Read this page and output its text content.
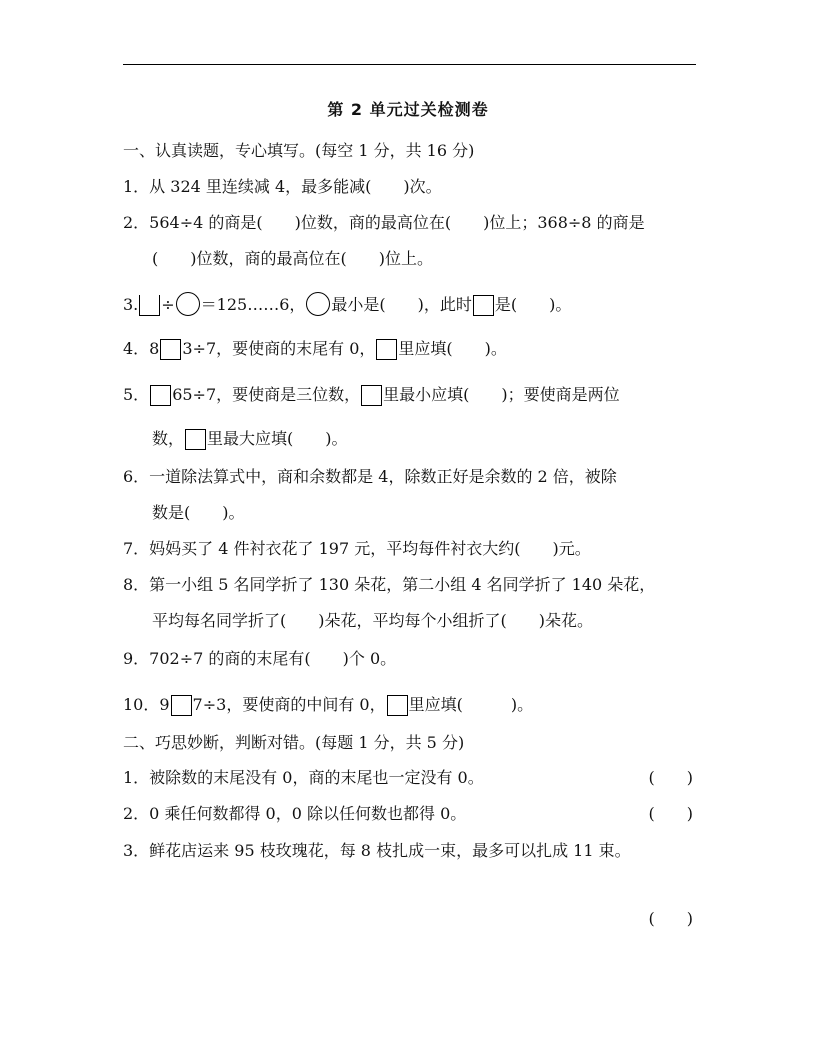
第 2 单元过关检测卷
一、认真读题，专心填写。(每空 1 分，共 16 分)
1．从 324 里连续减 4，最多能减(　　)次。
2．564÷4 的商是(　　)位数，商的最高位在(　　)位上；368÷8 的商是
(　　)位数，商的最高位在(　　)位上。
3. ÷ ＝125……6， 最小是(　　)，此时 是(　　)。
4．8 3÷7，要使商的末尾有 0， 里应填(　　)。
5． 65÷7，要使商是三位数， 里最小应填(　　)；要使商是两位
数， 里最大应填(　　)。
6．一道除法算式中，商和余数都是 4，除数正好是余数的 2 倍，被除
数是(　　)。
7．妈妈买了 4 件衬衣花了 197 元，平均每件衬衣大约(　　)元。
8．第一小组 5 名同学折了 130 朵花，第二小组 4 名同学折了 140 朵花，
平均每名同学折了(　　)朵花，平均每个小组折了(　　)朵花。
9．702÷7 的商的末尾有(　　)个 0。
10．9 7÷3，要使商的中间有 0， 里应填(　　　)。
二、巧思妙断，判断对错。(每题 1 分，共 5 分)
1．被除数的末尾没有 0，商的末尾也一定没有 0。	(　　)
2．0 乘任何数都得 0，0 除以任何数也都得 0。	(　　)
3．鲜花店运来 95 枝玫瑰花，每 8 枝扎成一束，最多可以扎成 11 束。
(　　)
